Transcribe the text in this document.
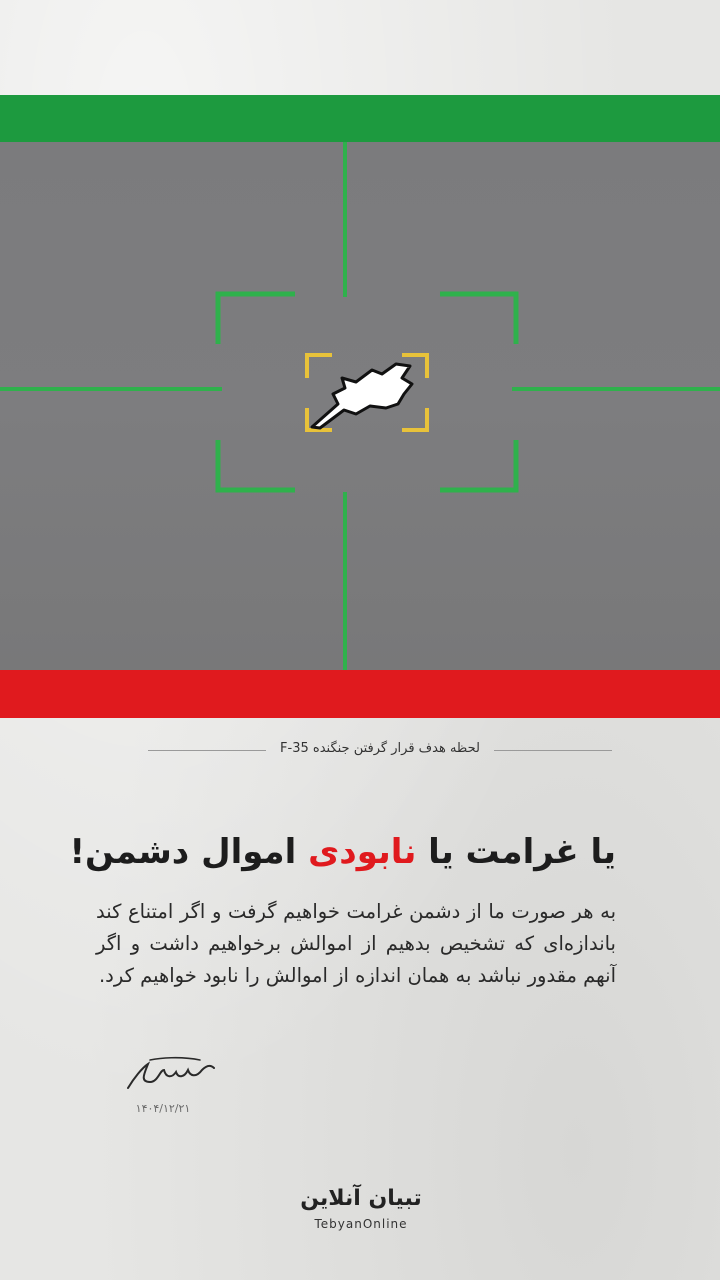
لحظه هدف قرار گرفتن جنگنده F-35
یا غرامت یا نابودی اموال دشمن!
به هر صورت ما از دشمن غرامت خواهیم گرفت و اگر امتناع کند باندازه‌ای که تشخیص بدهیم از اموالش برخواهیم داشت و اگر آنهم مقدور نباشد به همان اندازه از اموالش را نابود خواهیم کرد.
۱۴۰۴/۱۲/۲۱
تبیان آنلاین
TebyanOnline
